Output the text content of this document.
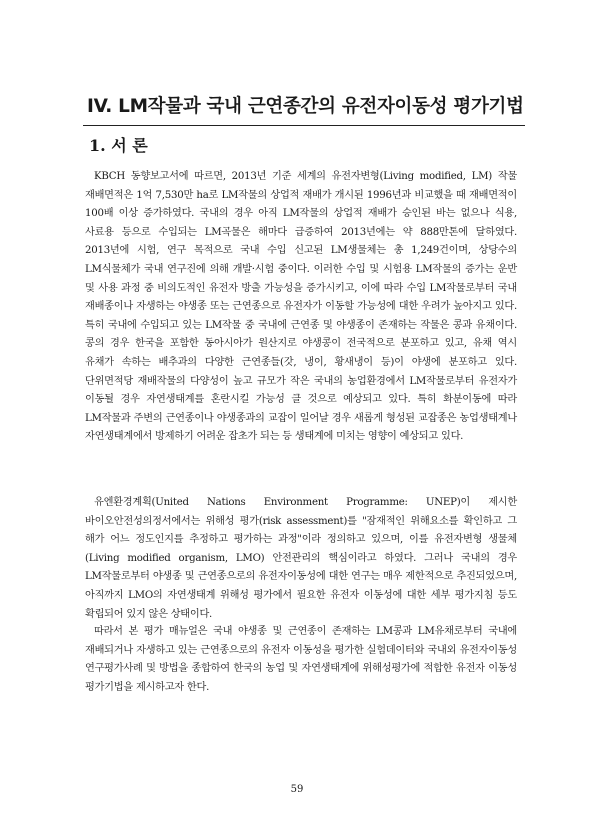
IV. LM작물과 국내 근연종간의 유전자이동성 평가기법
1. 서 론

KBCH 동향보고서에 따르면, 2013년 기준 세계의 유전자변형(Living modified, LM) 작물 재배면적은 1억 7,530만 ha로 LM작물의 상업적 재배가 개시된 1996년과 비교했을 때 재배면적이 100배 이상 증가하였다. 국내의 경우 아직 LM작물의 상업적 재배가 승인된 바는 없으나 식용, 사료용 등으로 수입되는 LM곡물은 해마다 급증하여 2013년에는 약 888만톤에 달하였다. 2013년에 시험, 연구 목적으로 국내 수입 신고된 LM생물체는 총 1,249건이며, 상당수의 LM식물체가 국내 연구진에 의해 개발·시험 중이다. 이러한 수입 및 시험용 LM작물의 증가는 운반 및 사용 과정 중 비의도적인 유전자 방출 가능성을 증가시키고, 이에 따라 수입 LM작물로부터 국내 재배종이나 자생하는 야생종 또는 근연종으로 유전자가 이동할 가능성에 대한 우려가 높아지고 있다. 특히 국내에 수입되고 있는 LM작물 중 국내에 근연종 및 야생종이 존재하는 작물은 콩과 유채이다. 콩의 경우 한국을 포함한 동아시아가 원산지로 야생콩이 전국적으로 분포하고 있고, 유채 역시 유채가 속하는 배추과의 다양한 근연종들(갓, 냉이, 황새냉이 등)이 야생에 분포하고 있다. 단위면적당 재배작물의 다양성이 높고 규모가 작은 국내의 농업환경에서 LM작물로부터 유전자가 이동될 경우 자연생태계를 혼란시킬 가능성 클 것으로 예상되고 있다. 특히 화분이동에 따라 LM작물과 주변의 근연종이나 야생종과의 교잡이 일어날 경우 새롭게 형성된 교잡종은 농업생태계나 자연생태계에서 방제하기 어려운 잡초가 되는 등 생태계에 미치는 영향이 예상되고 있다.

유엔환경계획(United Nations Environment Programme: UNEP)이 제시한 바이오안전성의정서에서는 위해성 평가(risk assessment)를 "잠재적인 위해요소를 확인하고 그 해가 어느 정도인지를 추정하고 평가하는 과정"이라 정의하고 있으며, 이를 유전자변형 생물체(Living modified organism, LMO) 안전관리의 핵심이라고 하였다. 그러나 국내의 경우 LM작물로부터 야생종 및 근연종으로의 유전자이동성에 대한 연구는 매우 제한적으로 추진되었으며, 아직까지 LMO의 자연생태계 위해성 평가에서 필요한 유전자 이동성에 대한 세부 평가지침 등도 확립되어 있지 않은 상태이다.

따라서 본 평가 매뉴얼은 국내 야생종 및 근연종이 존재하는 LM콩과 LM유채로부터 국내에 재배되거나 자생하고 있는 근연종으로의 유전자 이동성을 평가한 실험데이터와 국내외 유전자이동성 연구평가사례 및 방법을 종합하여 한국의 농업 및 자연생태계에 위해성평가에 적합한 유전자 이동성 평가기법을 제시하고자 한다.

59
